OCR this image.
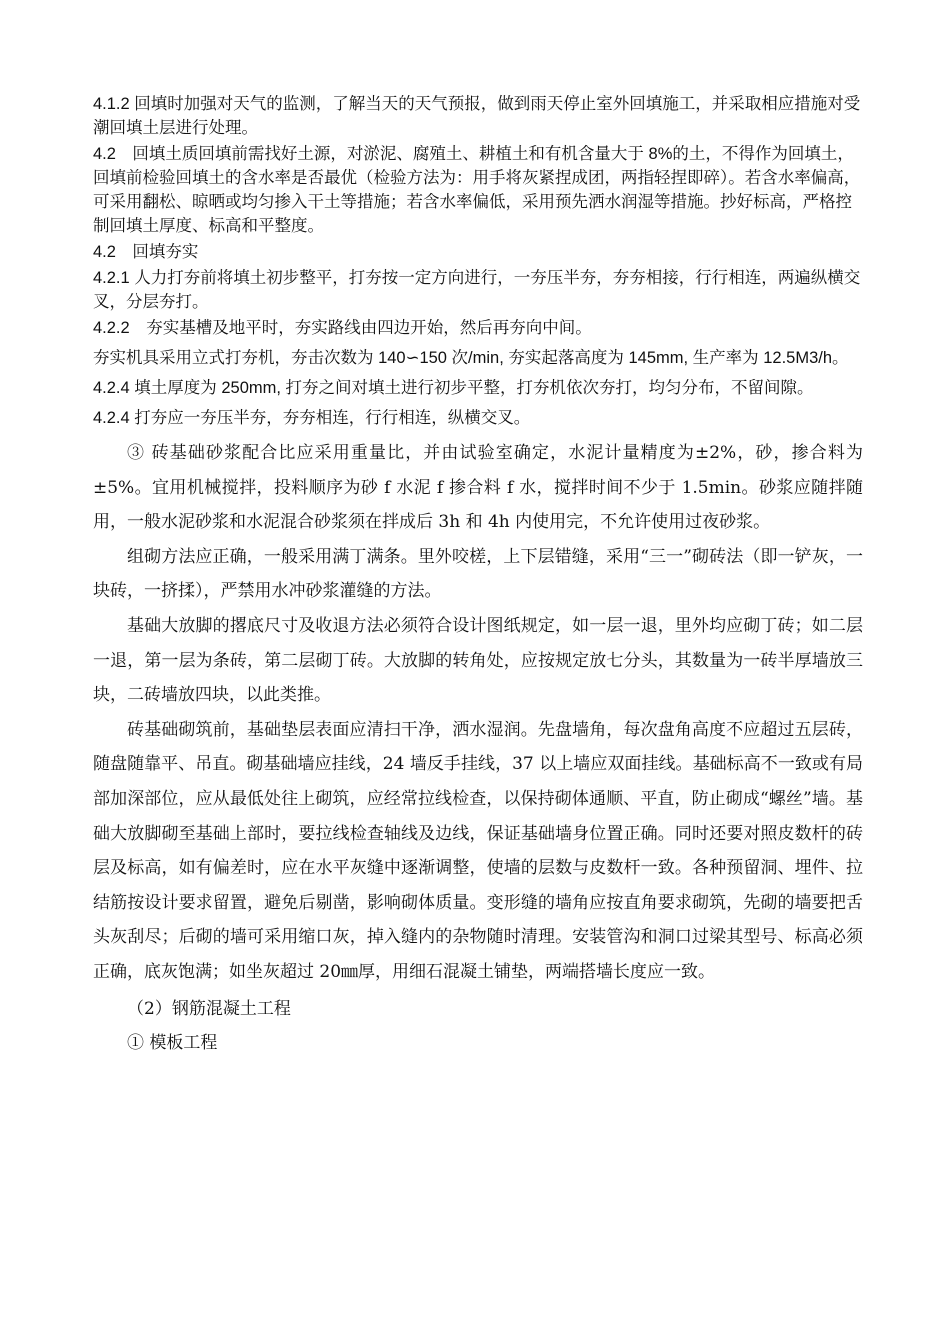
4.1.2 回填时加强对天气的监测，了解当天的天气预报，做到雨天停止室外回填施工，并采取相应措施对受潮回填土层进行处理。

4.2　回填土质回填前需找好土源，对淤泥、腐殖土、耕植土和有机含量大于 8%的土，不得作为回填土，回填前检验回填土的含水率是否最优（检验方法为：用手将灰紧捏成团，两指轻捏即碎）。若含水率偏高，可采用翻松、晾晒或均匀掺入干土等措施；若含水率偏低，采用预先洒水润湿等措施。抄好标高，严格控制回填土厚度、标高和平整度。

4.2　回填夯实

4.2.1 人力打夯前将填土初步整平，打夯按一定方向进行，一夯压半夯，夯夯相接，行行相连，两遍纵横交叉，分层夯打。

4.2.2　夯实基槽及地平时，夯实路线由四边开始，然后再夯向中间。

夯实机具采用立式打夯机，夯击次数为 140∽150 次/min, 夯实起落高度为 145mm, 生产率为 12.5M3/h。

4.2.4 填土厚度为 250mm, 打夯之间对填土进行初步平整，打夯机依次夯打，均匀分布，不留间隙。

4.2.4 打夯应一夯压半夯，夯夯相连，行行相连，纵横交叉。

③ 砖基础砂浆配合比应采用重量比，并由试验室确定，水泥计量精度为±2%，砂，掺合料为±5%。宜用机械搅拌，投料顺序为砂 f 水泥 f 掺合料 f 水，搅拌时间不少于 1.5min。砂浆应随拌随用，一般水泥砂浆和水泥混合砂浆须在拌成后 3h 和 4h 内使用完，不允许使用过夜砂浆。

组砌方法应正确，一般采用满丁满条。里外咬槎，上下层错缝，采用“三一”砌砖法（即一铲灰，一块砖，一挤揉），严禁用水冲砂浆灌缝的方法。

基础大放脚的撂底尺寸及收退方法必须符合设计图纸规定，如一层一退，里外均应砌丁砖；如二层一退，第一层为条砖，第二层砌丁砖。大放脚的转角处，应按规定放七分头，其数量为一砖半厚墙放三块，二砖墙放四块，以此类推。

砖基础砌筑前，基础垫层表面应清扫干净，洒水湿润。先盘墙角，每次盘角高度不应超过五层砖，随盘随靠平、吊直。砌基础墙应挂线，24 墙反手挂线，37 以上墙应双面挂线。基础标高不一致或有局部加深部位，应从最低处往上砌筑，应经常拉线检查，以保持砌体通顺、平直，防止砌成“螺丝”墙。基础大放脚砌至基础上部时，要拉线检查轴线及边线，保证基础墙身位置正确。同时还要对照皮数杆的砖层及标高，如有偏差时，应在水平灰缝中逐渐调整，使墙的层数与皮数杆一致。各种预留洞、埋件、拉结筋按设计要求留置，避免后剔凿，影响砌体质量。变形缝的墙角应按直角要求砌筑，先砌的墙要把舌头灰刮尽；后砌的墙可采用缩口灰，掉入缝内的杂物随时清理。安装管沟和洞口过梁其型号、标高必须正确，底灰饱满；如坐灰超过 20㎜厚，用细石混凝土铺垫，两端搭墙长度应一致。

（2）钢筋混凝土工程

① 模板工程
